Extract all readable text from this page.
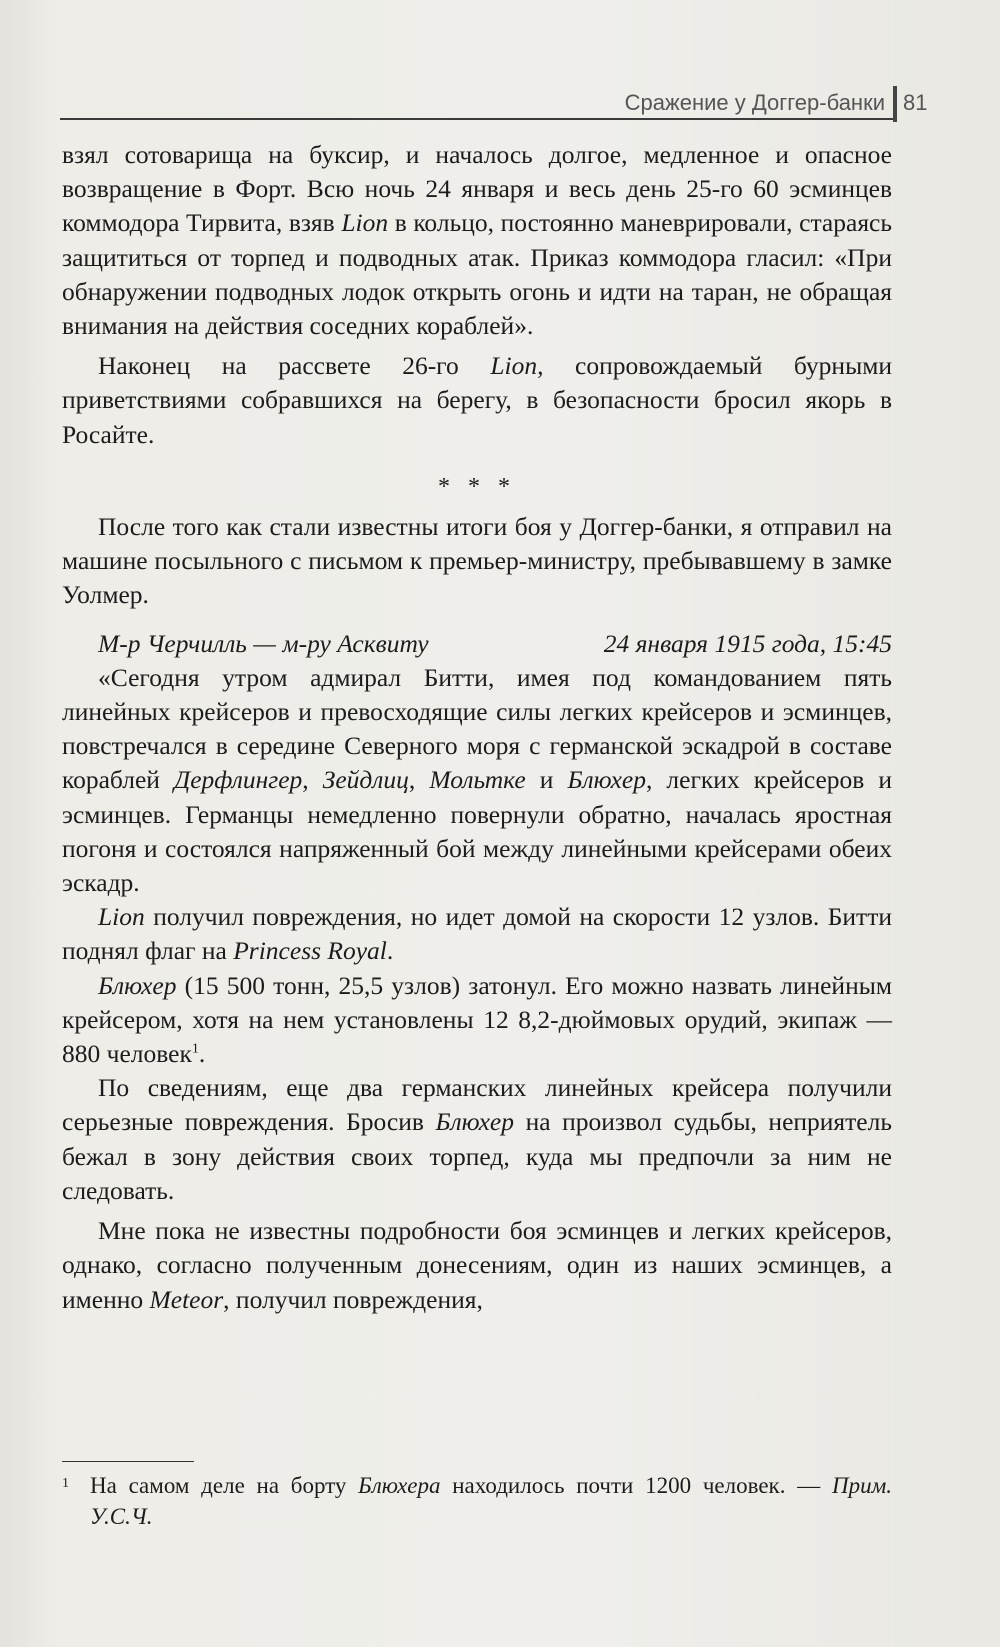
Сражение у Доггер-банки 81

взял сотоварища на буксир, и началось долгое, медленное и опасное возвращение в Форт. Всю ночь 24 января и весь день 25-го 60 эсминцев коммодора Тирвита, взяв Lion в кольцо, постоянно маневрировали, стараясь защититься от торпед и подводных атак. Приказ коммодора гласил: «При обнаружении подводных лодок открыть огонь и идти на таран, не обращая внимания на действия соседних кораблей».

Наконец на рассвете 26-го Lion, сопровождаемый бурными приветствиями собравшихся на берегу, в безопасности бросил якорь в Росайте.

* * *

После того как стали известны итоги боя у Доггер-банки, я отправил на машине посыльного с письмом к премьер-министру, пребывавшему в замке Уолмер.

М-р Черчилль — м-ру Асквиту	24 января 1915 года, 15:45

«Сегодня утром адмирал Битти, имея под командованием пять линейных крейсеров и превосходящие силы легких крейсеров и эсминцев, повстречался в середине Северного моря с германской эскадрой в составе кораблей Дерфлингер, Зейдлиц, Мольтке и Блюхер, легких крейсеров и эсминцев. Германцы немедленно повернули обратно, началась яростная погоня и состоялся напряженный бой между линейными крейсерами обеих эскадр.

Lion получил повреждения, но идет домой на скорости 12 узлов. Битти поднял флаг на Princess Royal.

Блюхер (15 500 тонн, 25,5 узлов) затонул. Его можно назвать линейным крейсером, хотя на нем установлены 12 8,2-дюймовых орудий, экипаж — 880 человек$^1$.

По сведениям, еще два германских линейных крейсера получили серьезные повреждения. Бросив Блюхер на произвол судьбы, неприятель бежал в зону действия своих торпед, куда мы предпочли за ним не следовать.

Мне пока не известны подробности боя эсминцев и легких крейсеров, однако, согласно полученным донесениям, один из наших эсминцев, а именно Meteor, получил повреждения,

1 На самом деле на борту Блюхера находилось почти 1200 человек. — Прим. У.С.Ч.
